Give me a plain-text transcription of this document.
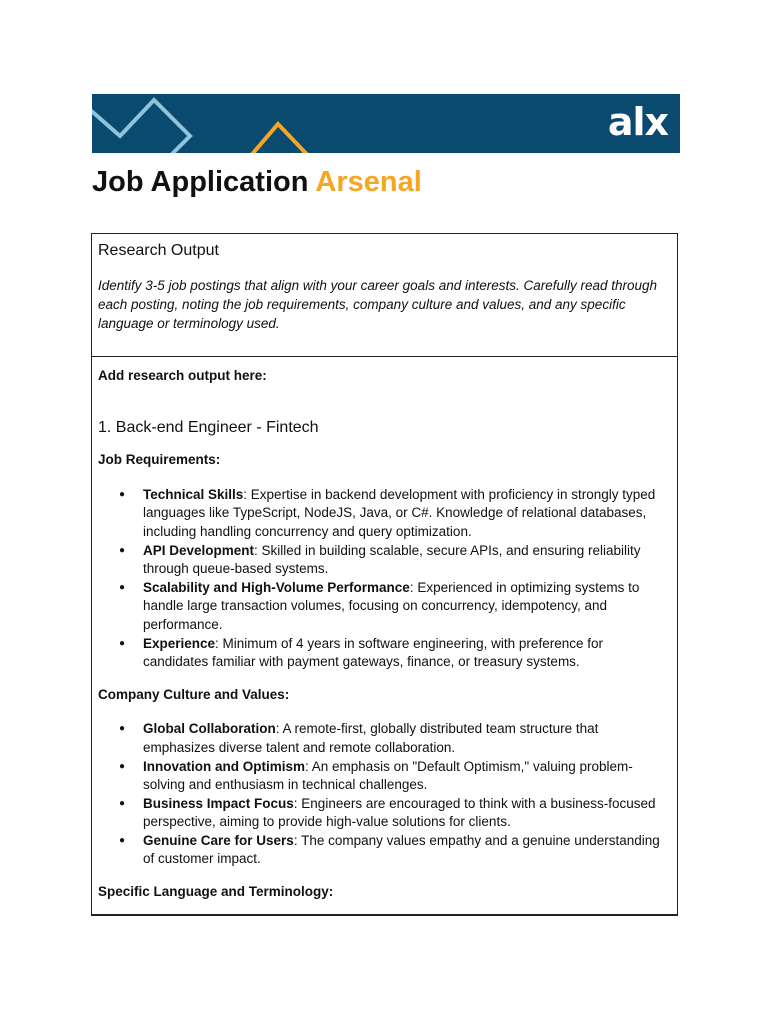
alx
Job Application Arsenal
Research Output

Identify 3-5 job postings that align with your career goals and interests. Carefully read through each posting, noting the job requirements, company culture and values, and any specific language or terminology used.

Add research output here:

1. Back-end Engineer - Fintech

Job Requirements:

● Technical Skills: Expertise in backend development with proficiency in strongly typed languages like TypeScript, NodeJS, Java, or C#. Knowledge of relational databases, including handling concurrency and query optimization.
● API Development: Skilled in building scalable, secure APIs, and ensuring reliability through queue-based systems.
● Scalability and High-Volume Performance: Experienced in optimizing systems to handle large transaction volumes, focusing on concurrency, idempotency, and performance.
● Experience: Minimum of 4 years in software engineering, with preference for candidates familiar with payment gateways, finance, or treasury systems.

Company Culture and Values:

● Global Collaboration: A remote-first, globally distributed team structure that emphasizes diverse talent and remote collaboration.
● Innovation and Optimism: An emphasis on "Default Optimism," valuing problem-solving and enthusiasm in technical challenges.
● Business Impact Focus: Engineers are encouraged to think with a business-focused perspective, aiming to provide high-value solutions for clients.
● Genuine Care for Users: The company values empathy and a genuine understanding of customer impact.

Specific Language and Terminology:
